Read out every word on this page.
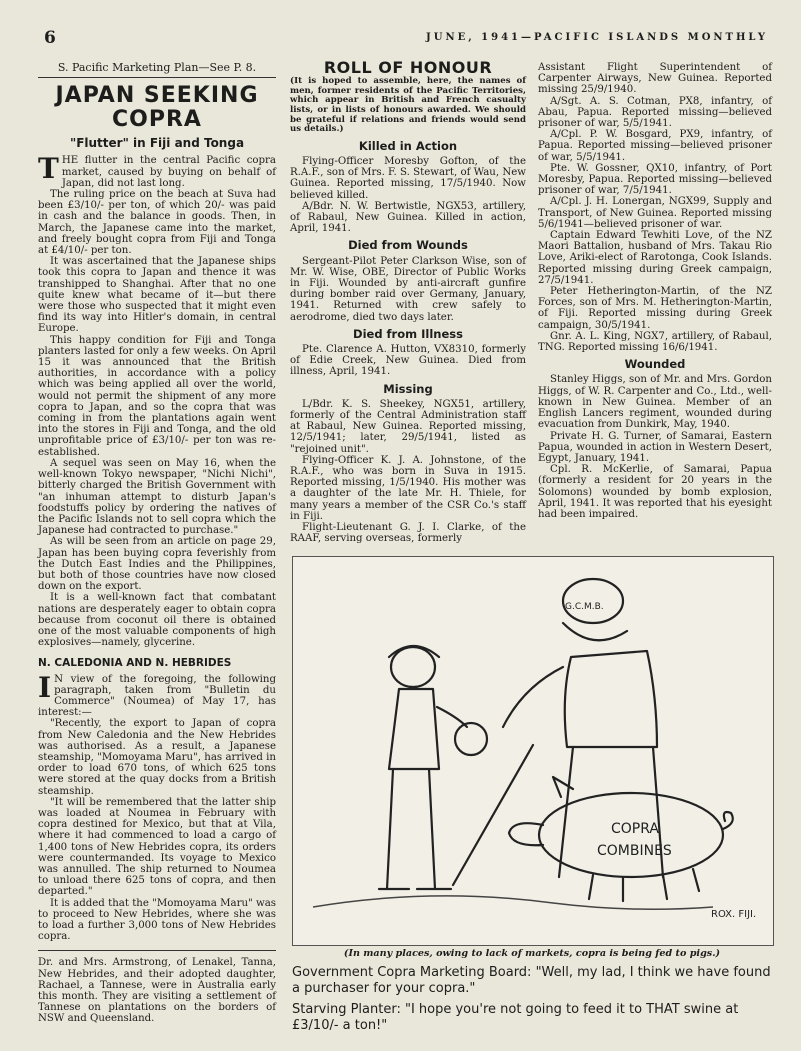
6	JUNE, 1941—PACIFIC ISLANDS MONTHLY
S. Pacific Marketing Plan—See P. 8.
JAPAN SEEKING
COPRA
"Flutter" in Fiji and Tonga

THE flutter in the central Pacific copra market, caused by buying on behalf of Japan, did not last long.

The ruling price on the beach at Suva had been £3/10/- per ton, of which 20/- was paid in cash and the balance in goods. Then, in March, the Japanese came into the market, and freely bought copra from Fiji and Tonga at £4/10/- per ton.

It was ascertained that the Japanese ships took this copra to Japan and thence it was transhipped to Shanghai. After that no one quite knew what became of it—but there were those who suspected that it might even find its way into Hitler's domain, in central Europe.

This happy condition for Fiji and Tonga planters lasted for only a few weeks. On April 15 it was announced that the British authorities, in accordance with a policy which was being applied all over the world, would not permit the shipment of any more copra to Japan, and so the copra that was coming in from the plantations again went into the stores in Fiji and Tonga, and the old unprofitable price of £3/10/- per ton was re-established.

A sequel was seen on May 16, when the well-known Tokyo newspaper, "Nichi Nichi", bitterly charged the British Government with "an inhuman attempt to disturb Japan's foodstuffs policy by ordering the natives of the Pacific Islands not to sell copra which the Japanese had contracted to purchase."

As will be seen from an article on page 29, Japan has been buying copra feverishly from the Dutch East Indies and the Philippines, but both of those countries have now closed down on the export.

It is a well-known fact that combatant nations are desperately eager to obtain copra because from coconut oil there is obtained one of the most valuable components of high explosives—namely, glycerine.

N. CALEDONIA AND N. HEBRIDES

I N view of the foregoing, the following paragraph, taken from "Bulletin du Commerce" (Noumea) of May 17, has interest:—

"Recently, the export to Japan of copra from New Caledonia and the New Hebrides was authorised. As a result, a Japanese steamship, "Momoyama Maru", has arrived in order to load 670 tons, of which 625 tons were stored at the quay docks from a British steamship.

"It will be remembered that the latter ship was loaded at Noumea in February with copra destined for Mexico, but that at Vila, where it had commenced to load a cargo of 1,400 tons of New Hebrides copra, its orders were countermanded. Its voyage to Mexico was annulled. The ship returned to Noumea to unload there 625 tons of copra, and then departed."

It is added that the "Momoyama Maru" was to proceed to New Hebrides, where she was to load a further 3,000 tons of New Hebrides copra.

Dr. and Mrs. Armstrong, of Lenakel, Tanna, New Hebrides, and their adopted daughter, Rachael, a Tannese, were in Australia early this month. They are visiting a settlement of Tannese on plantations on the borders of NSW and Queensland.

ROLL OF HONOUR
(It is hoped to assemble, here, the names of men, former residents of the Pacific Territories, which appear in British and French casualty lists, or in lists of honours awarded. We should be grateful if relations and friends would send us details.)
Killed in Action

Flying-Officer Moresby Gofton, of the R.A.F., son of Mrs. F. S. Stewart, of Wau, New Guinea. Reported missing, 17/5/1940. Now believed killed.

A/Bdr. N. W. Bertwistle, NGX53, artillery, of Rabaul, New Guinea. Killed in action, April, 1941.

Died from Wounds

Sergeant-Pilot Peter Clarkson Wise, son of Mr. W. Wise, OBE, Director of Public Works in Fiji. Wounded by anti-aircraft gunfire during bomber raid over Germany, January, 1941. Returned with crew safely to aerodrome, died two days later.

Died from Illness

Pte. Clarence A. Hutton, VX8310, formerly of Edie Creek, New Guinea. Died from illness, April, 1941.

Missing

L/Bdr. K. S. Sheekey, NGX51, artillery, formerly of the Central Administration staff at Rabaul, New Guinea. Reported missing, 12/5/1941; later, 29/5/1941, listed as "rejoined unit".

Flying-Officer K. J. A. Johnstone, of the R.A.F., who was born in Suva in 1915. Reported missing, 1/5/1940. His mother was a daughter of the late Mr. H. Thiele, for many years a member of the CSR Co.'s staff in Fiji.

Flight-Lieutenant G. J. I. Clarke, of the RAAF, serving overseas, formerly

Assistant Flight Superintendent of Carpenter Airways, New Guinea. Reported missing 25/9/1940.

A/Sgt. A. S. Cotman, PX8, infantry, of Abau, Papua. Reported missing—believed prisoner of war, 5/5/1941.

A/Cpl. P. W. Bosgard, PX9, infantry, of Papua. Reported missing—believed prisoner of war, 5/5/1941.

Pte. W. Gossner, QX10, infantry, of Port Moresby, Papua. Reported missing—believed prisoner of war, 7/5/1941.

A/Cpl. J. H. Lonergan, NGX99, Supply and Transport, of New Guinea. Reported missing 5/6/1941—believed prisoner of war.

Captain Edward Tewhiti Love, of the NZ Maori Battalion, husband of Mrs. Takau Rio Love, Ariki-elect of Rarotonga, Cook Islands. Reported missing during Greek campaign, 27/5/1941.

Peter Hetherington-Martin, of the NZ Forces, son of Mrs. M. Hetherington-Martin, of Fiji. Reported missing during Greek campaign, 30/5/1941.

Gnr. A. L. King, NGX7, artillery, of Rabaul, TNG. Reported missing 16/6/1941.

Wounded

Stanley Higgs, son of Mr. and Mrs. Gordon Higgs, of W. R. Carpenter and Co., Ltd., well-known in New Guinea. Member of an English Lancers regiment, wounded during evacuation from Dunkirk, May, 1940.

Private H. G. Turner, of Samarai, Eastern Papua, wounded in action in Western Desert, Egypt, January, 1941.

Cpl. R. McKerlie, of Samarai, Papua (formerly a resident for 20 years in the Solomons) wounded by bomb explosion, April, 1941. It was reported that his eyesight had been impaired.

COPRA
COMBINES
G.C.M.B.
ROX. FIJI.
(In many places, owing to lack of markets, copra is being fed to pigs.)
Government Copra Marketing Board: "Well, my lad, I think we have found a purchaser for your copra."
Starving Planter: "I hope you're not going to feed it to THAT swine at £3/10/- a ton!"
